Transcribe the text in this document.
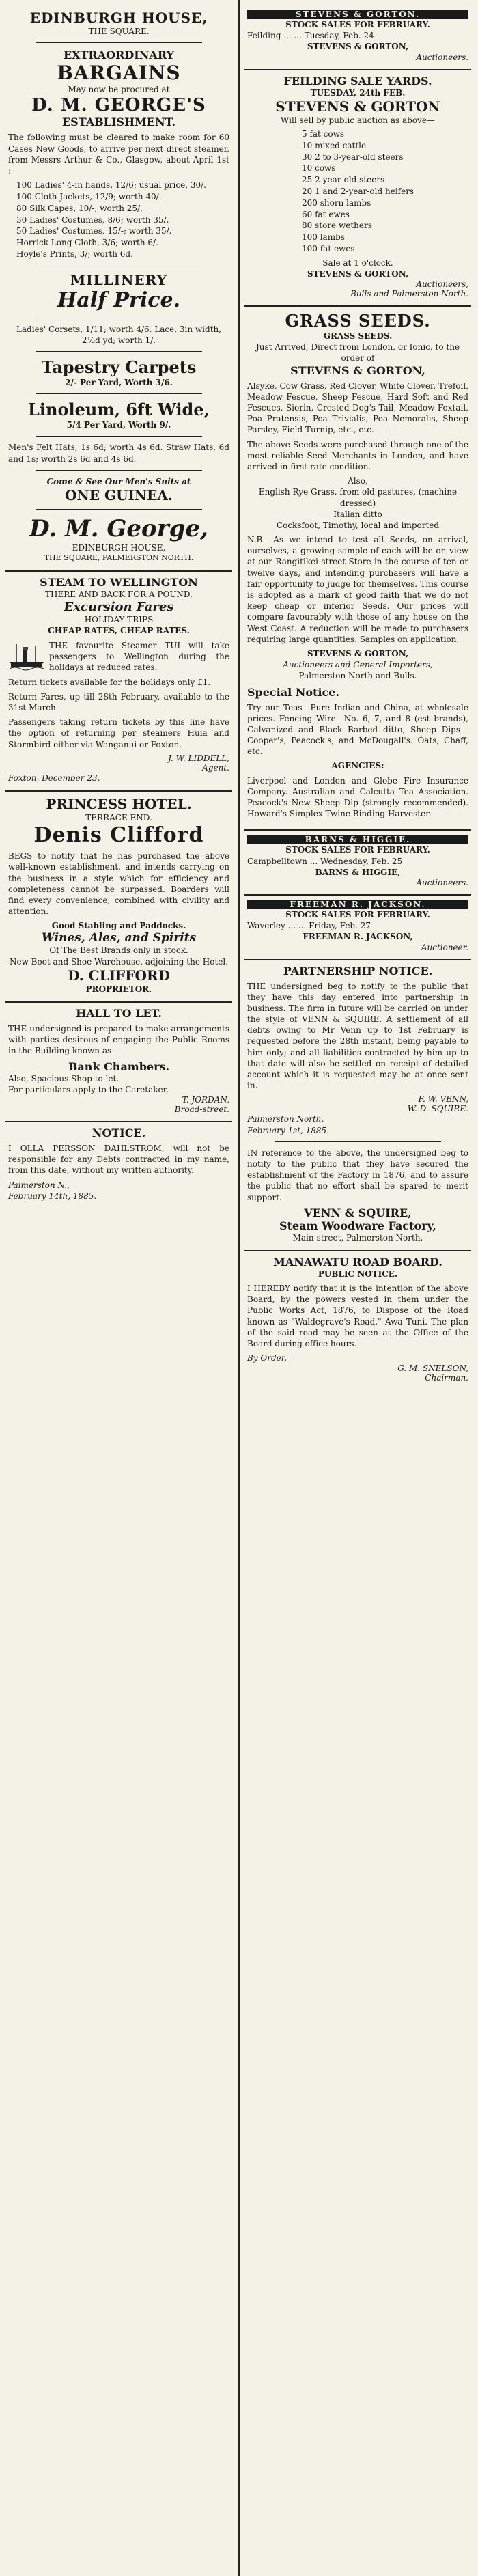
EDINBURGH HOUSE,
THE SQUARE.
EXTRAORDINARY
BARGAINS
May now be procured at
D. M. GEORGE'S
ESTABLISHMENT.

The following must be cleared to make room for 60 Cases New Goods, to arrive per next direct steamer, from Messrs Arthur & Co., Glasgow, about April 1st :-

100 Ladies' 4-in hands, 12/6; usual price, 30/.
100 Cloth Jackets, 12/9; worth 40/.
80 Silk Capes, 10/-; worth 25/.
30 Ladies' Costumes, 8/6; worth 35/.
50 Ladies' Costumes, 15/-; worth 35/.
Horrick Long Cloth, 3/6; worth 6/.
Hoyle's Prints, 3/; worth 6d.
MILLINERY
Half Price.

Ladies' Corsets, 1/11; worth 4/6. Lace, 3in width, 2½d yd; worth 1/.

Tapestry Carpets
2/- Per Yard, Worth 3/6.
Linoleum, 6ft Wide,
5/4 Per Yard, Worth 9/.

Men's Felt Hats, 1s 6d; worth 4s 6d. Straw Hats, 6d and 1s; worth 2s 6d and 4s 6d.

Come & See Our Men's Suits at
ONE GUINEA.
D. M. George,
EDINBURGH HOUSE,
THE SQUARE, PALMERSTON NORTH.
STEAM TO WELLINGTON
THERE AND BACK FOR A POUND.
Excursion Fares
HOLIDAY TRIPS
CHEAP RATES, CHEAP RATES.

THE favourite Steamer TUI will take passengers to Wellington during the holidays at reduced rates.

Return tickets available for the holidays only £1.

Return Fares, up till 28th February, available to the 31st March.

Passengers taking return tickets by this line have the option of returning per steamers Huia and Stormbird either via Wanganui or Foxton.

J. W. LIDDELL,
Agent.
Foxton, December 23.
PRINCESS HOTEL.
TERRACE END.
Denis Clifford

BEGS to notify that he has purchased the above well-known establishment, and intends carrying on the business in a style which for efficiency and completeness cannot be surpassed. Boarders will find every convenience, combined with civility and attention.

Good Stabling and Paddocks.
Wines, Ales, and Spirits
Of The Best Brands only in stock.
New Boot and Shoe Warehouse, adjoining the Hotel.
D. CLIFFORD
PROPRIETOR.
HALL TO LET.

THE undersigned is prepared to make arrangements with parties desirous of engaging the Public Rooms in the Building known as

Bank Chambers.
Also, Spacious Shop to let.
For particulars apply to the Caretaker,
T. JORDAN,
Broad-street.
NOTICE.

I OLLA PERSSON DAHLSTROM, will not be responsible for any Debts contracted in my name, from this date, without my written authority.

Palmerston N.,
February 14th, 1885.
STEVENS & GORTON.
STOCK SALES FOR FEBRUARY.
Feilding ... ... Tuesday, Feb. 24
STEVENS & GORTON,
Auctioneers.
FEILDING SALE YARDS.
TUESDAY, 24th FEB.
STEVENS & GORTON
Will sell by public auction as above—
5 fat cows
10 mixed cattle
30 2 to 3-year-old steers
10 cows
25 2-year-old steers
20 1 and 2-year-old heifers
200 shorn lambs
60 fat ewes
80 store wethers
100 lambs
100 fat ewes
Sale at 1 o'clock.
STEVENS & GORTON,
Auctioneers,
Bulls and Palmerston North.
GRASS SEEDS.
GRASS SEEDS.
Just Arrived, Direct from London, or Ionic, to the order of
STEVENS & GORTON,

Alsyke, Cow Grass, Red Clover, White Clover, Trefoil, Meadow Fescue, Sheep Fescue, Hard Soft and Red Fescues, Siorin, Crested Dog's Tail, Meadow Foxtail, Poa Pratensis, Poa Trivialis, Poa Nemoralis, Sheep Parsley, Field Turnip, etc., etc.

The above Seeds were purchased through one of the most reliable Seed Merchants in London, and have arrived in first-rate condition.

Also,
English Rye Grass, from old pastures, (machine dressed)
Italian ditto
Cocksfoot, Timothy, local and imported

N.B.—As we intend to test all Seeds, on arrival, ourselves, a growing sample of each will be on view at our Rangitikei street Store in the course of ten or twelve days, and intending purchasers will have a fair opportunity to judge for themselves. This course is adopted as a mark of good faith that we do not keep cheap or inferior Seeds. Our prices will compare favourably with those of any house on the West Coast. A reduction will be made to purchasers requiring large quantities. Samples on application.

STEVENS & GORTON,
Auctioneers and General Importers,
Palmerston North and Bulls.
Special Notice.

Try our Teas—Pure Indian and China, at wholesale prices. Fencing Wire—No. 6, 7, and 8 (est brands), Galvanized and Black Barbed ditto, Sheep Dips—Cooper's, Peacock's, and McDougall's. Oats, Chaff, etc.

AGENCIES:

Liverpool and London and Globe Fire Insurance Company. Australian and Calcutta Tea Association. Peacock's New Sheep Dip (strongly recommended). Howard's Simplex Twine Binding Harvester.

BARNS & HIGGIE.
STOCK SALES FOR FEBRUARY.
Campbelltown ... Wednesday, Feb. 25
BARNS & HIGGIE,
Auctioneers.
FREEMAN R. JACKSON.
STOCK SALES FOR FEBRUARY.
Waverley ... ... Friday, Feb. 27
FREEMAN R. JACKSON,
Auctioneer.
PARTNERSHIP NOTICE.

THE undersigned beg to notify to the public that they have this day entered into partnership in business. The firm in future will be carried on under the style of VENN & SQUIRE. A settlement of all debts owing to Mr Venn up to 1st February is requested before the 28th instant, being payable to him only; and all liabilities contracted by him up to that date will also be settled on receipt of detailed account which it is requested may be at once sent in.

F. W. VENN,
W. D. SQUIRE.
Palmerston North,
February 1st, 1885.

IN reference to the above, the undersigned beg to notify to the public that they have secured the establishment of the Factory in 1876, and to assure the public that no effort shall be spared to merit support.

VENN & SQUIRE,
Steam Woodware Factory,
Main-street, Palmerston North.
MANAWATU ROAD BOARD.
PUBLIC NOTICE.

I HEREBY notify that it is the intention of the above Board, by the powers vested in them under the Public Works Act, 1876, to Dispose of the Road known as "Waldegrave's Road," Awa Tuni. The plan of the said road may be seen at the Office of the Board during office hours.

By Order,
G. M. SNELSON,
Chairman.
